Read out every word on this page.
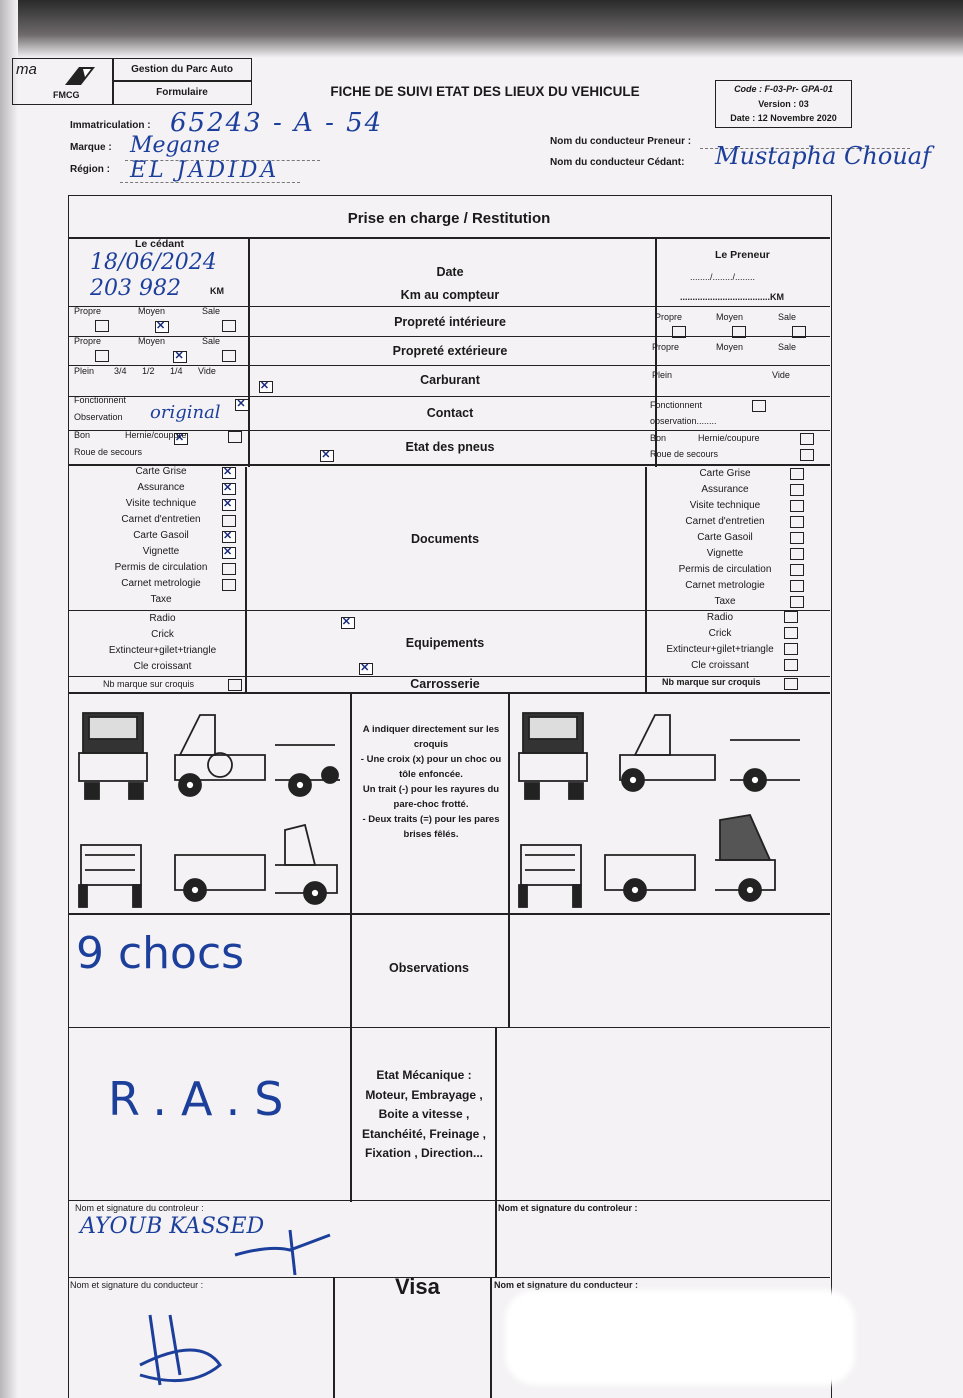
ma
FMCG
Gestion du Parc Auto
Formulaire	FICHE DE SUIVI ETAT DES LIEUX DU VEHICULE	Code : F-03-Pr- GPA-01
Version : 03
Date : 12 Novembre 2020
Immatriculation : 65243 - A - 54
Marque : Megane
Région : EL JADIDA
Nom du conducteur Preneur :
Nom du conducteur Cédant: Mustapha Chouaf
Prise en charge / Restitution
Le cédant
Le Preneur
18/06/2024
203 982	KM
......../......../........
....................................KM
Date
Km au compteur
Propreté intérieure
Propreté extérieure
Carburant
Contact
Etat des pneus
Documents
Equipements
Carrosserie
Propre	Moyen	Sale
✕
Propre	Moyen	Sale
✕
Plein 3/4 1/2 1/4 Vide
✕
Fonctionnent
✕
Observation original
Bon
✕	Hernie/coupure
Roue de secours
✕
Carte Grise
Assurance
Visite technique
Carnet d'entretien
Carte Gasoil
Vignette
Permis de circulation
Carnet metrologie
Taxe
✕
✕
✕
✕
✕
Radio
Crick
Extincteur+gilet+triangle
Cle croissant
✕ ✕
Nb marque sur croquis
Propre	Moyen	Sale
Propre	Moyen	Sale
Plein	Vide
Fonctionnent
observation........
Bon	Hernie/coupure
Roue de secours
Carte Grise
Assurance
Visite technique
Carnet d'entretien
Carte Gasoil
Vignette
Permis de circulation
Carnet metrologie
Taxe
Radio
Crick
Extincteur+gilet+triangle
Cle croissant
Nb marque sur croquis
A indiquer directement sur les croquis
- Une croix (x) pour un choc ou tôle enfoncée.
Un trait (-) pour les rayures du pare-choc frotté.
- Deux traits (=) pour les pares brises fêlés.
9 chocs	Observations
R.A.S	Etat Mécanique :
Moteur, Embrayage ,
Boite a vitesse ,
Etanchéité, Freinage ,
Fixation , Direction...
Nom et signature du controleur :
AYOUB KASSED
Nom et signature du controleur :
Nom et signature du conducteur :	Visa	Nom et signature du conducteur :
